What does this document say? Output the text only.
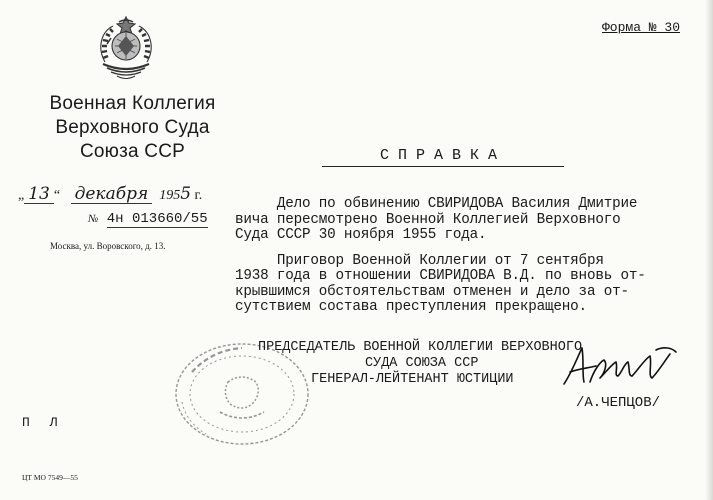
Форма № 30
Военная Коллегия
Верховного Суда
Союза ССР	СПРАВКА
„ 13 “ декабря 1955 г.
№ 4н 013660/55
Москва, ул. Воровского, д. 13.
Дело по обвинению СВИРИДОВА Василия Дмитрие
вича пересмотрено Военной Коллегией Верховного
Суда СССР 30 ноября 1955 года.
Приговор Военной Коллегии от 7 сентября
1938 года в отношении СВИРИДОВА В.Д. по вновь от-
крывшимся обстоятельствам отменен и дело за от-
сутствием состава преступления прекращено.
ПРЕДСЕДАТЕЛЬ ВОЕННОЙ КОЛЛЕГИИ ВЕРХОВНОГО
СУДА СОЮЗА ССР
ГЕНЕРАЛ-ЛЕЙТЕНАНТ ЮСТИЦИИ
/А.ЧЕПЦОВ/
П Л
ЦТ МО 7549—55
